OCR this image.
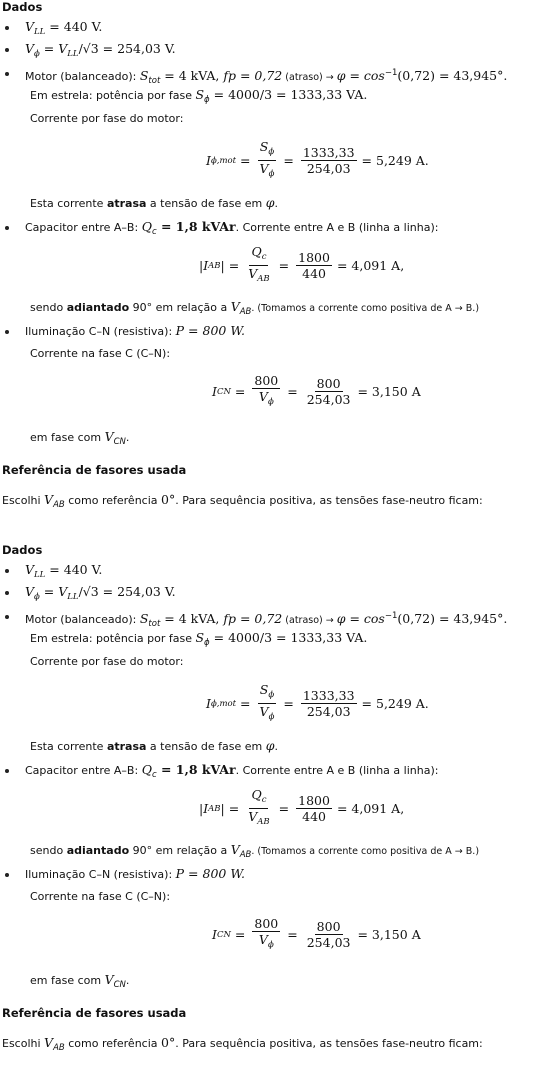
Dados
$V_{LL} = 440$ V.
$V_\phi = V_{LL}/√3 = 254,03$ V.
Motor (balanceado): $S_{tot} = 4$ kVA, fp = 0,72 (atraso) → $\varphi = \cos^{-1}(0,72) = 43,945^\circ$.
Em estrela: potência por fase $S_\phi = 4000/3 = 1333,33$ VA.
Corrente por fase do motor:
I $\phi,mot = \frac{S_\phi}{V_\phi} = \frac{1333,33}{254,03} = 5,249$ A.
Esta corrente atrasa a tensão de fase em φ.
Capacitor entre A–B: $Q_c = 1,8$ kVAr. Corrente entre A e B (linha a linha):
|I AB | = $\frac{Q_c}{V_{AB}} = \frac{1800}{440} = 4,091$ A,
sendo adiantado 90° em relação a $V_{AB}$. (Tomamos a corrente como positiva de A → B.)
Iluminação C–N (resistiva): P = 800 W.
Corrente na fase C (C–N):
I CN = $\frac{800}{V_\phi} = \frac{800}{254,03} = 3,150$ A
em fase com $V_{CN}$.
Referência de fasores usada
Escolhi $V_{AB}$ como referência 0°. Para sequência positiva, as tensões fase-neutro ficam:
Dados
$V_{LL} = 440$ V.
$V_\phi = V_{LL}/√3 = 254,03$ V.
Motor (balanceado): $S_{tot} = 4$ kVA, fp = 0,72 (atraso) → $\varphi = \cos^{-1}(0,72) = 43,945^\circ$.
Em estrela: potência por fase $S_\phi = 4000/3 = 1333,33$ VA.
Corrente por fase do motor:
I $\phi,mot = \frac{S_\phi}{V_\phi} = \frac{1333,33}{254,03} = 5,249$ A.
Esta corrente atrasa a tensão de fase em φ.
Capacitor entre A–B: $Q_c = 1,8$ kVAr. Corrente entre A e B (linha a linha):
|I AB | = $\frac{Q_c}{V_{AB}} = \frac{1800}{440} = 4,091$ A,
sendo adiantado 90° em relação a $V_{AB}$. (Tomamos a corrente como positiva de A → B.)
Iluminação C–N (resistiva): P = 800 W.
Corrente na fase C (C–N):
I CN = $\frac{800}{V_\phi} = \frac{800}{254,03} = 3,150$ A
em fase com $V_{CN}$.
Referência de fasores usada
Escolhi $V_{AB}$ como referência 0°. Para sequência positiva, as tensões fase-neutro ficam:
